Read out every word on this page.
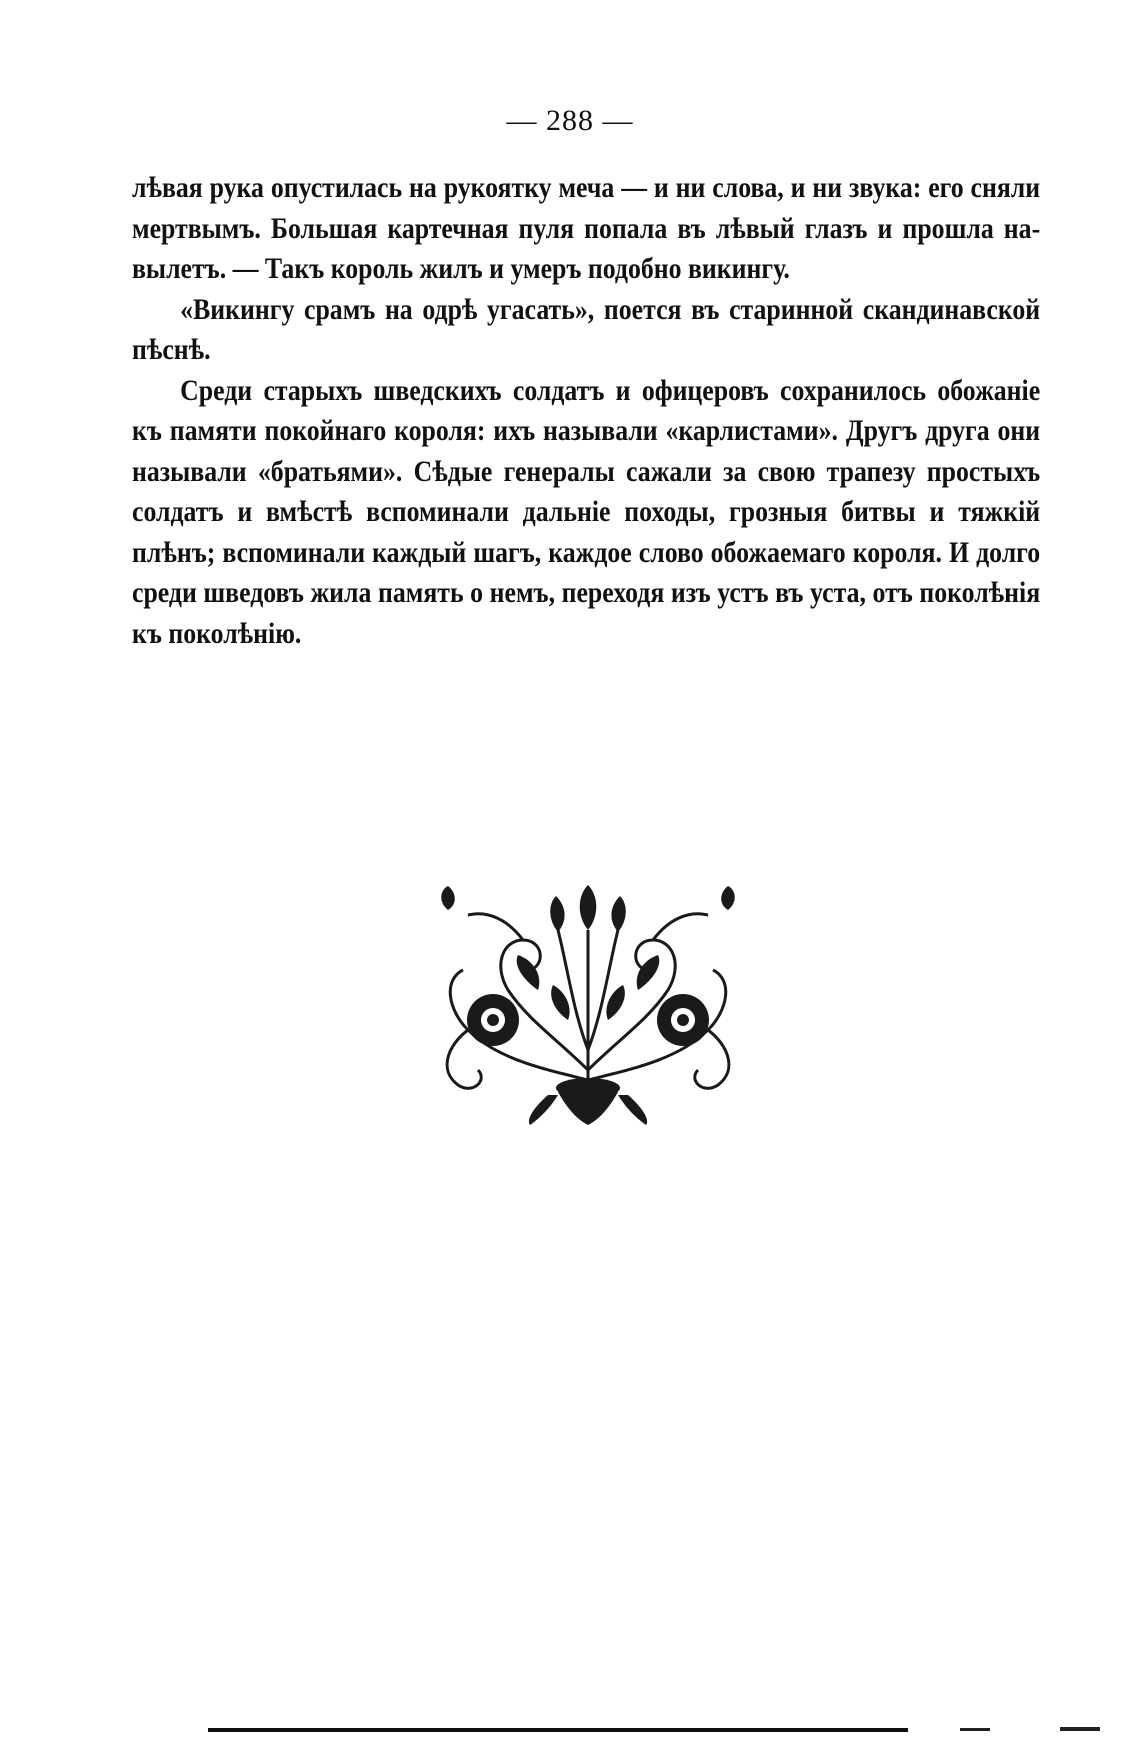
— 288 —

лѣвая рука опустилась на рукоятку меча — и ни слова, и ни звука: его сняли мертвымъ. Большая картечная пуля попала въ лѣвый глазъ и прошла на-вылетъ. — Такъ король жилъ и умеръ подобно викингу.

«Викингу срамъ на одрѣ угасать», поется въ старинной скандинавской пѣснѣ.

Среди старыхъ шведскихъ солдатъ и офицеровъ сохранилось обожаніе къ памяти покойнаго короля: ихъ называли «карлистами». Другъ друга они называли «братьями». Сѣдые генералы сажали за свою трапезу простыхъ солдатъ и вмѣстѣ вспоминали дальніе походы, грозныя битвы и тяжкій плѣнъ; вспоминали каждый шагъ, каждое слово обожаемаго короля. И долго среди шведовъ жила память о немъ, переходя изъ устъ въ уста, отъ поколѣнія къ поколѣнію.
